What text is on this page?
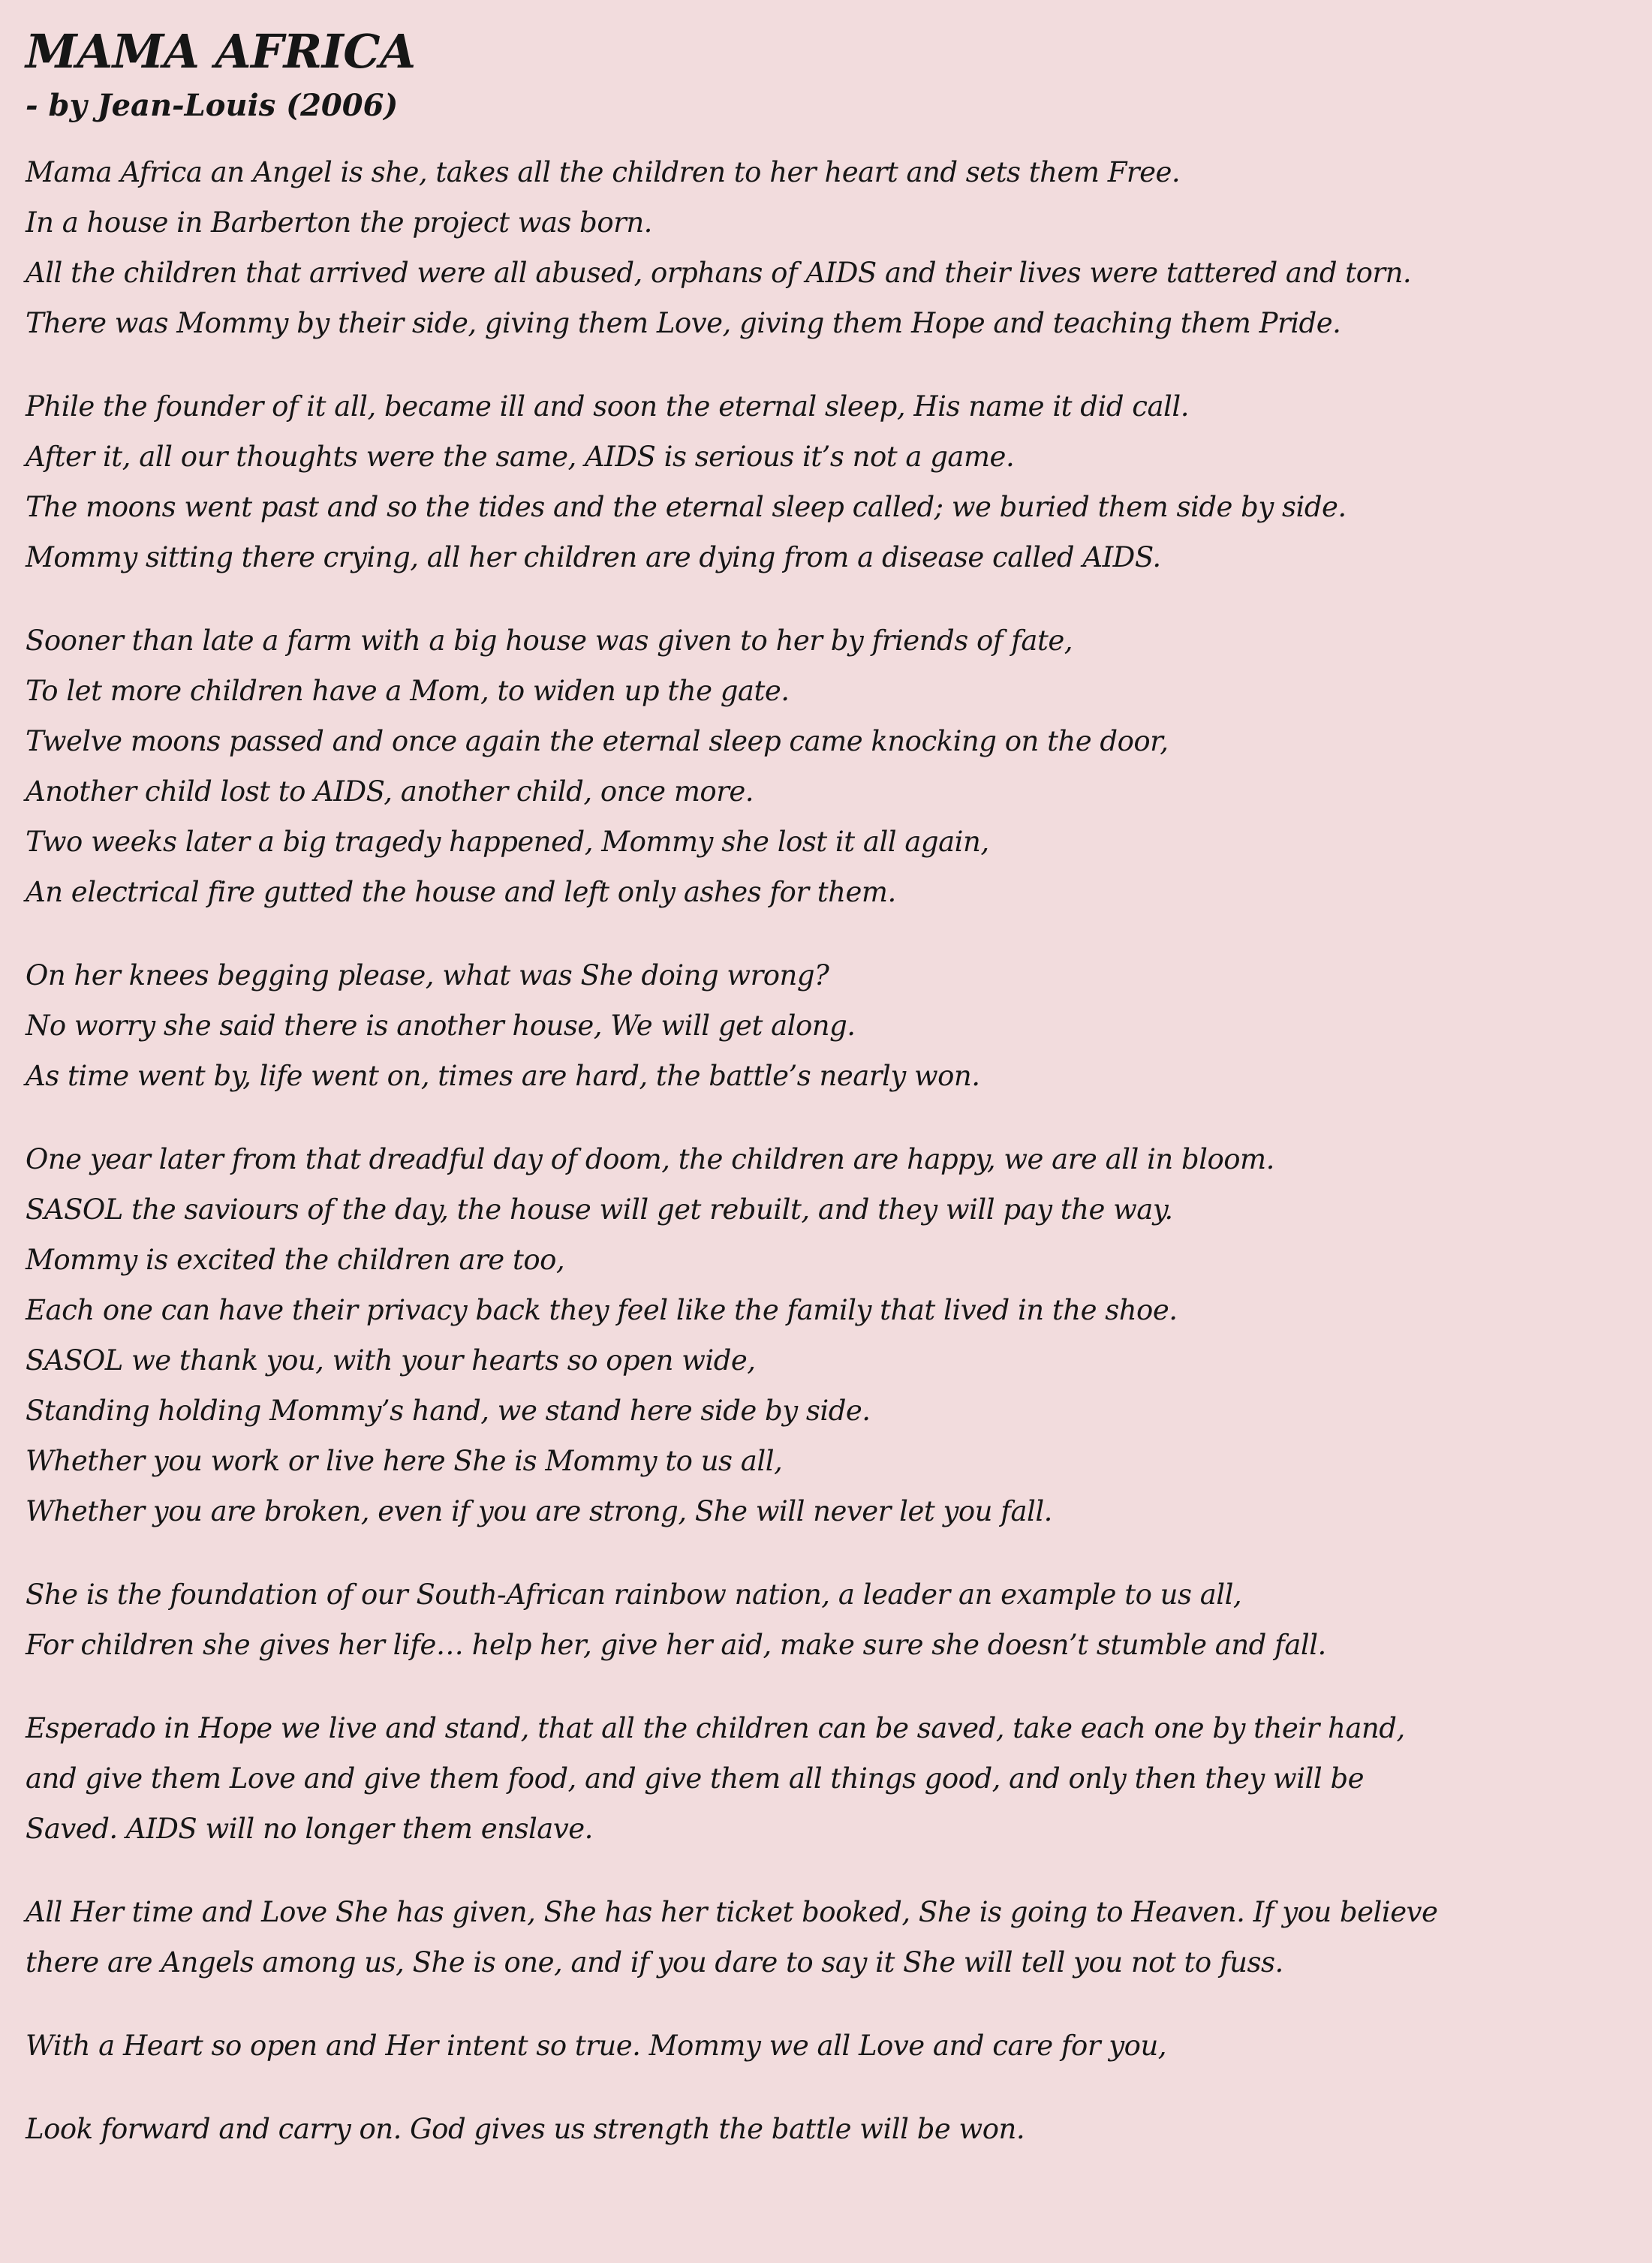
MAMA AFRICA
- by Jean-Louis (2006)
Mama Africa an Angel is she, takes all the children to her heart and sets them Free.
In a house in Barberton the project was born.
All the children that arrived were all abused, orphans of AIDS and their lives were tattered and torn.
There was Mommy by their side, giving them Love, giving them Hope and teaching them Pride.
Phile the founder of it all, became ill and soon the eternal sleep, His name it did call.
After it, all our thoughts were the same, AIDS is serious it’s not a game.
The moons went past and so the tides and the eternal sleep called; we buried them side by side.
Mommy sitting there crying, all her children are dying from a disease called AIDS.
Sooner than late a farm with a big house was given to her by friends of fate,
To let more children have a Mom, to widen up the gate.
Twelve moons passed and once again the eternal sleep came knocking on the door,
Another child lost to AIDS, another child, once more.
Two weeks later a big tragedy happened, Mommy she lost it all again,
An electrical fire gutted the house and left only ashes for them.
On her knees begging please, what was She doing wrong?
No worry she said there is another house, We will get along.
As time went by, life went on, times are hard, the battle’s nearly won.
One year later from that dreadful day of doom, the children are happy, we are all in bloom.
SASOL the saviours of the day, the house will get rebuilt, and they will pay the way.
Mommy is excited the children are too,
Each one can have their privacy back they feel like the family that lived in the shoe.
SASOL we thank you, with your hearts so open wide,
Standing holding Mommy’s hand, we stand here side by side.
Whether you work or live here She is Mommy to us all,
Whether you are broken, even if you are strong, She will never let you fall.
She is the foundation of our South-African rainbow nation, a leader an example to us all,
For children she gives her life… help her, give her aid, make sure she doesn’t stumble and fall.
Esperado in Hope we live and stand, that all the children can be saved, take each one by their hand,
and give them Love and give them food, and give them all things good, and only then they will be
Saved. AIDS will no longer them enslave.
All Her time and Love She has given, She has her ticket booked, She is going to Heaven. If you believe
there are Angels among us, She is one, and if you dare to say it She will tell you not to fuss.
With a Heart so open and Her intent so true. Mommy we all Love and care for you,
Look forward and carry on. God gives us strength the battle will be won.
